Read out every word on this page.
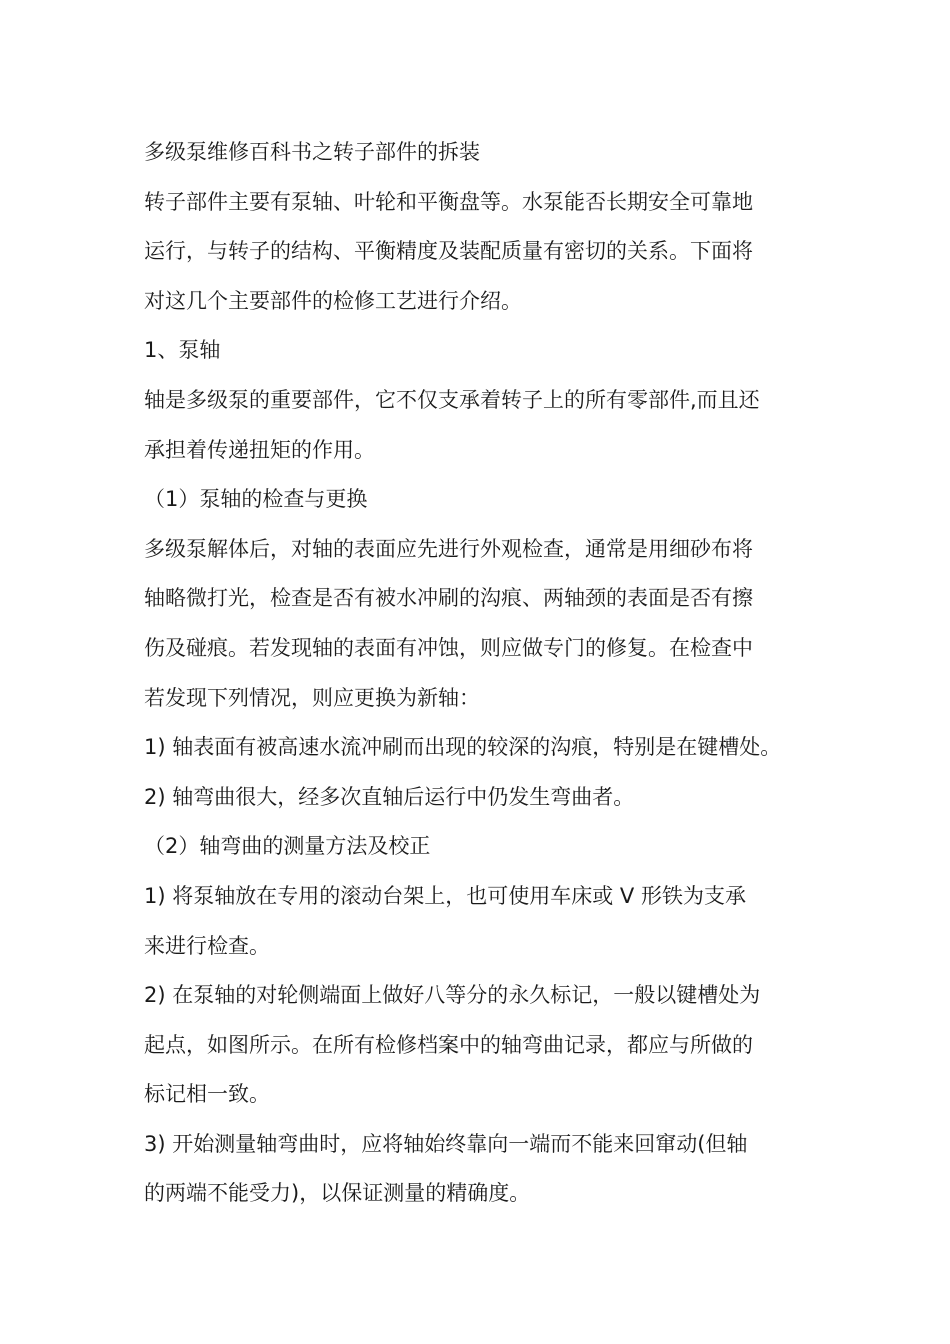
多级泵维修百科书之转子部件的拆装
转子部件主要有泵轴、叶轮和平衡盘等。水泵能否长期安全可靠地
运行，与转子的结构、平衡精度及装配质量有密切的关系。下面将
对这几个主要部件的检修工艺进行介绍。
1、泵轴
轴是多级泵的重要部件，它不仅支承着转子上的所有零部件,而且还
承担着传递扭矩的作用。
（1）泵轴的检查与更换
多级泵解体后，对轴的表面应先进行外观检查，通常是用细砂布将
轴略微打光，检查是否有被水冲刷的沟痕、两轴颈的表面是否有擦
伤及碰痕。若发现轴的表面有冲蚀，则应做专门的修复。在检查中
若发现下列情况，则应更换为新轴：
1) 轴表面有被高速水流冲刷而出现的较深的沟痕，特别是在键槽处。
2) 轴弯曲很大，经多次直轴后运行中仍发生弯曲者。
（2）轴弯曲的测量方法及校正
1) 将泵轴放在专用的滚动台架上，也可使用车床或 V 形铁为支承
来进行检查。
2) 在泵轴的对轮侧端面上做好八等分的永久标记，一般以键槽处为
起点，如图所示。在所有检修档案中的轴弯曲记录，都应与所做的
标记相一致。
3) 开始测量轴弯曲时，应将轴始终靠向一端而不能来回窜动(但轴
的两端不能受力)，以保证测量的精确度。
